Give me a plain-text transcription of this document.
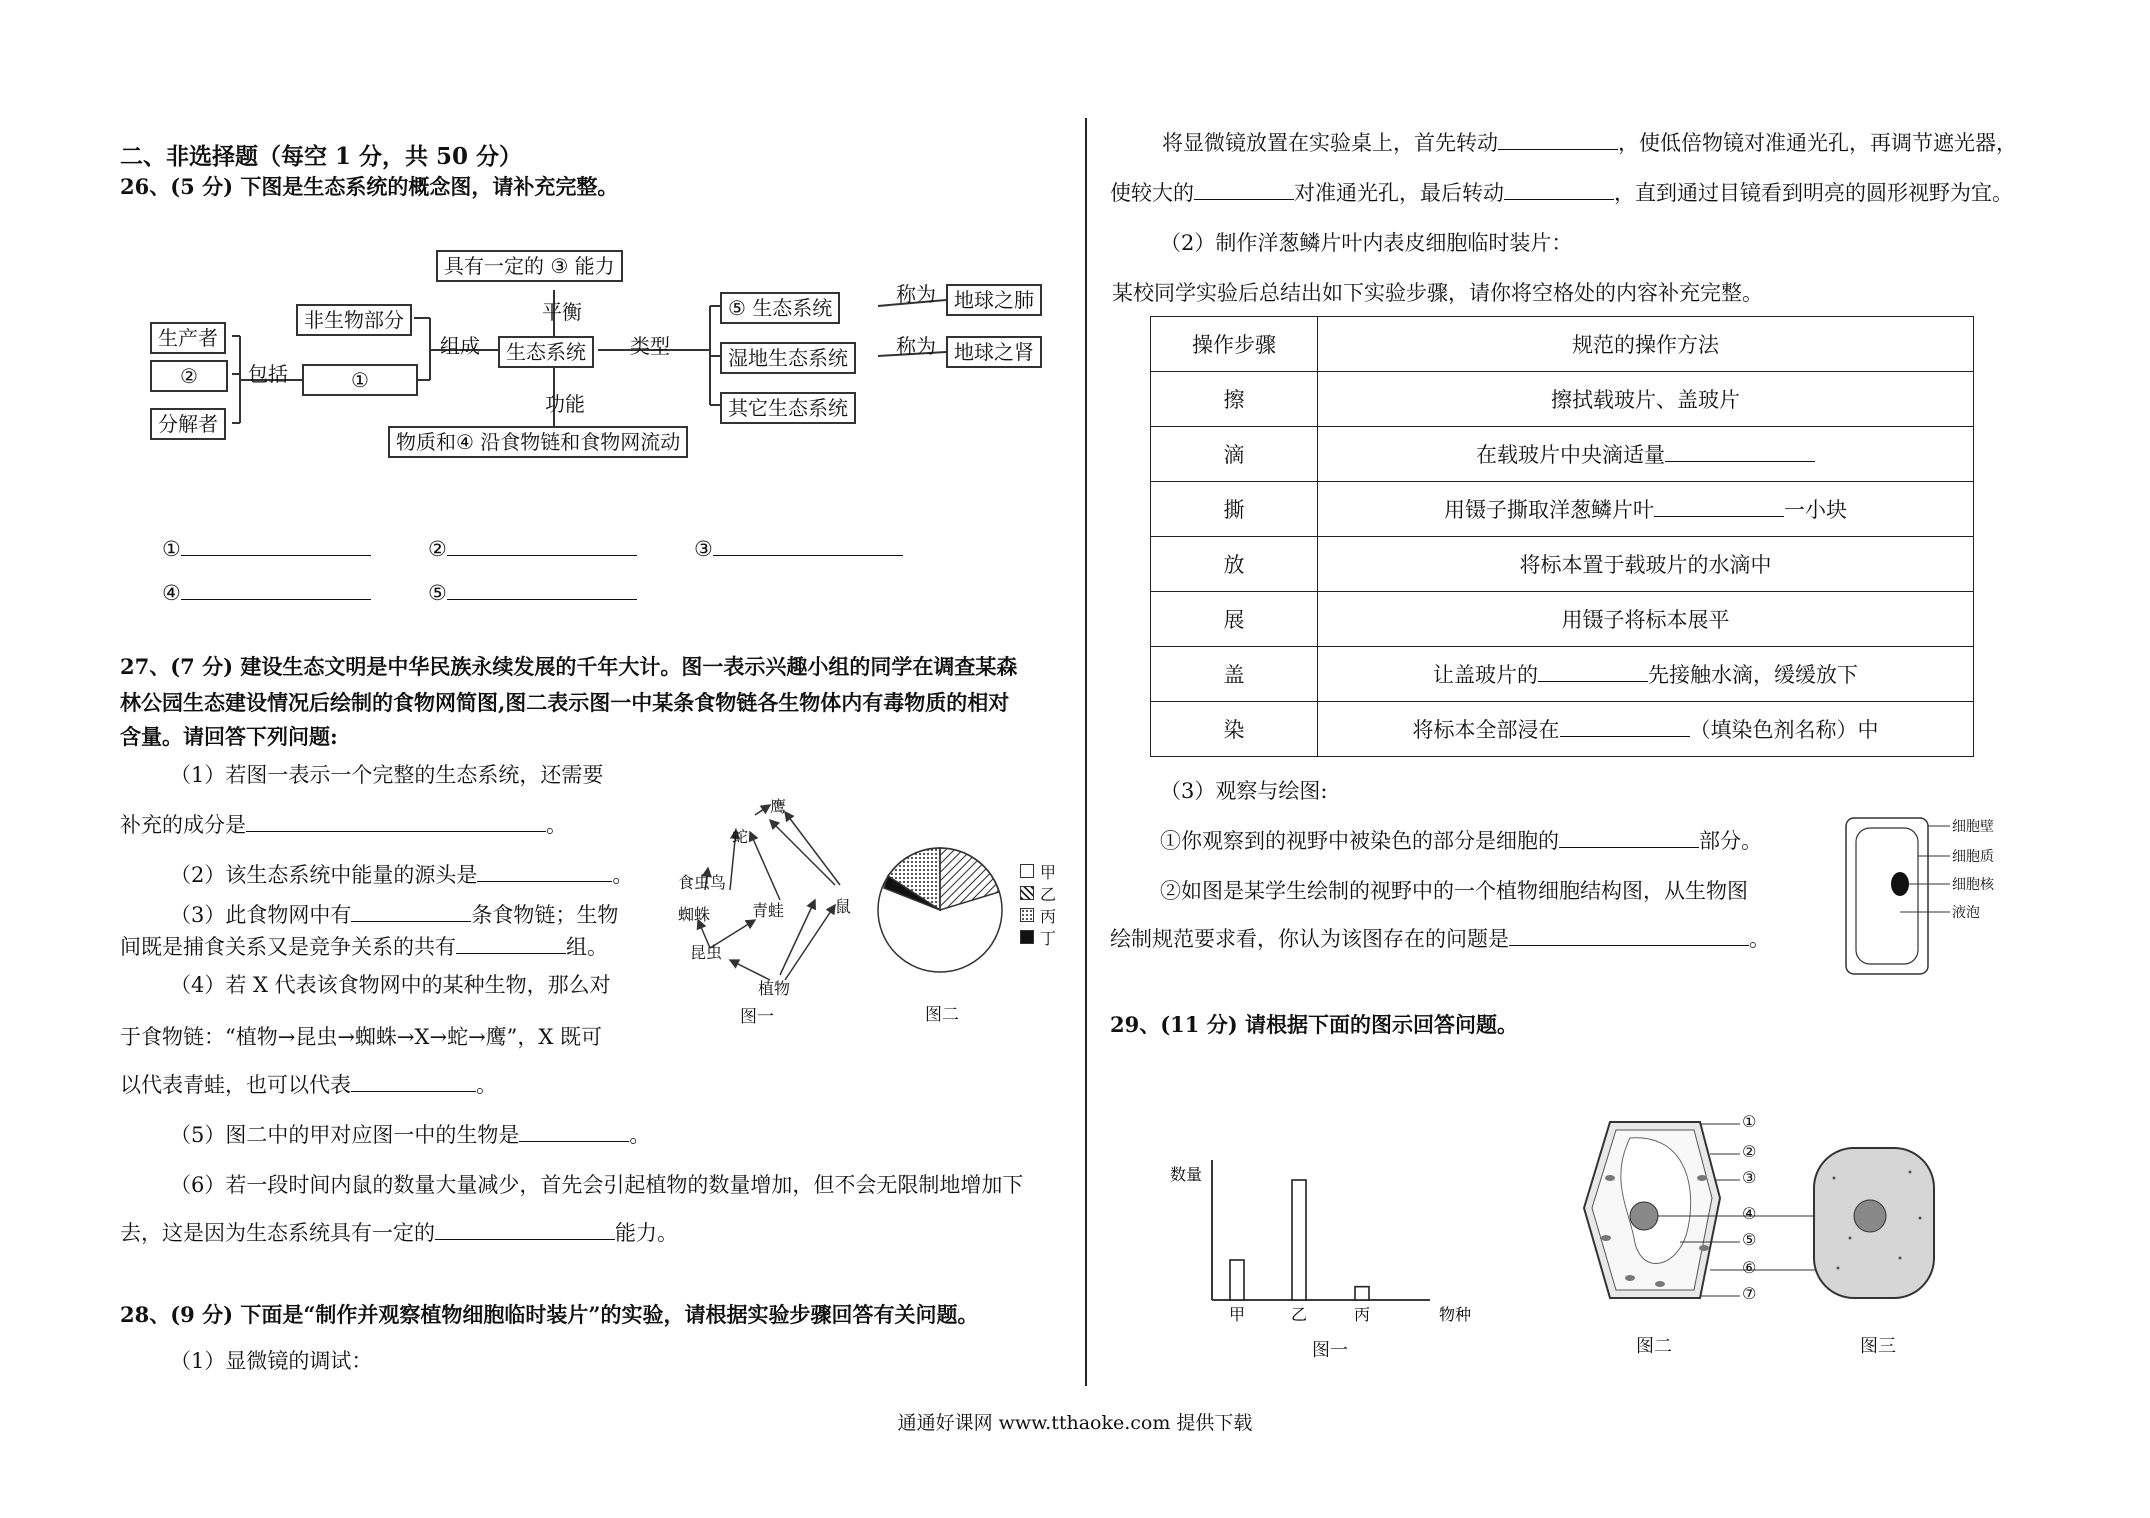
二、非选择题（每空 1 分，共 50 分）
26、(5 分) 下图是生态系统的概念图，请补充完整。
具有一定的 ③ 能力
平衡
非生物部分
生产者
②
分解者
包括	①
组成	生态系统	类型
功能
物质和④ 沿食物链和食物网流动
⑤ 生态系统
湿地生态系统
其它生态系统
称为
称为
地球之肺
地球之肾
①	②	③
④	⑤
27、(7 分) 建设生态文明是中华民族永续发展的千年大计。图一表示兴趣小组的同学在调查某森
林公园生态建设情况后绘制的食物网简图,图二表示图一中某条食物链各生物体内有毒物质的相对
含量。请回答下列问题:
（1）若图一表示一个完整的生态系统，还需要
补充的成分是	。
（2）该生态系统中能量的源头是	。
（3）此食物网中有	条食物链；生物
间既是捕食关系又是竞争关系的共有	组。
（4）若 X 代表该食物网中的某种生物，那么对
于食物链：“植物→昆虫→蜘蛛→X→蛇→鹰”，X 既可
以代表青蛙，也可以代表	。
（5）图二中的甲对应图一中的生物是	。
（6）若一段时间内鼠的数量大量减少，首先会引起植物的数量增加，但不会无限制地增加下
去，这是因为生态系统具有一定的	能力。
鹰
蛇
食虫鸟
蜘蛛	青蛙	鼠
昆虫
植物
图一
甲
乙
丙
丁
图二
28、(9 分) 下面是“制作并观察植物细胞临时装片”的实验，请根据实验步骤回答有关问题。
（1）显微镜的调试：
将显微镜放置在实验桌上，首先转动	，使低倍物镜对准通光孔，再调节遮光器，
使较大的	对准通光孔，最后转动	，直到通过目镜看到明亮的圆形视野为宜。
（2）制作洋葱鳞片叶内表皮细胞临时装片：
某校同学实验后总结出如下实验步骤，请你将空格处的内容补充完整。
操作步骤	规范的操作方法
擦	擦拭载玻片、盖玻片
滴	在载玻片中央滴适量
撕	用镊子撕取洋葱鳞片叶 一小块
放	将标本置于载玻片的水滴中
展	用镊子将标本展平
盖	让盖玻片的 先接触水滴，缓缓放下
染	将标本全部浸在 （填染色剂名称）中
（3）观察与绘图:
①你观察到的视野中被染色的部分是细胞的	部分。
②如图是某学生绘制的视野中的一个植物细胞结构图，从生物图
绘制规范要求看，你认为该图存在的问题是	。
细胞壁
细胞质
细胞核
液泡
29、(11 分) 请根据下面的图示回答问题。
甲	乙	丙
数量
物种
图一
①
②
③
④
⑤
⑥
⑦
图二	图三
通通好课网 www.tthaoke.com 提供下载
